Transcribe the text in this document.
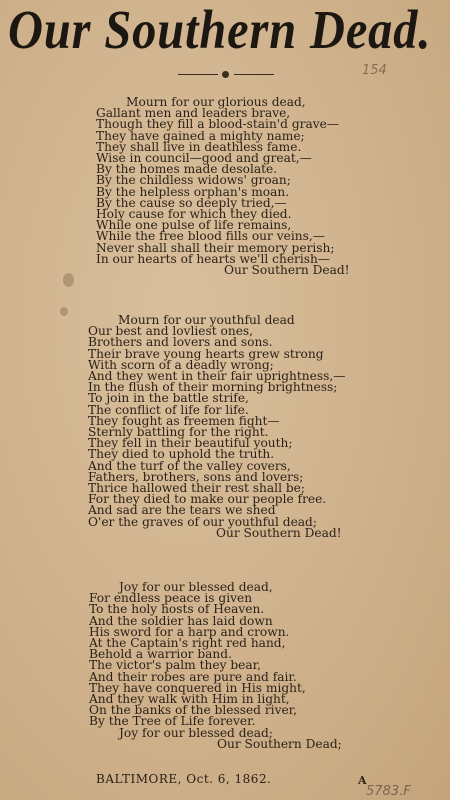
Our Southern Dead.
154
Mourn for our glorious dead,
Gallant men and leaders brave,
Though they fill a blood-stain'd grave—
They have gained a mighty name;
They shall live in deathless fame.
Wise in council—good and great,—
By the homes made desolate.
By the childless widows' groan;
By the helpless orphan's moan.
By the cause so deeply tried,—
Holy cause for which they died.
While one pulse of life remains,
While the free blood fills our veins,—
Never shall shall their memory perish;
In our hearts of hearts we'll cherish—
Our Southern Dead!
Mourn for our youthful dead
Our best and lovliest ones,
Brothers and lovers and sons.
Their brave young hearts grew strong
With scorn of a deadly wrong;
And they went in their fair uprightness,—
In the flush of their morning brightness;
To join in the battle strife,
The conflict of life for life.
They fought as freemen fight—
Sternly battling for the right.
They fell in their beautiful youth;
They died to uphold the truth.
And the turf of the valley covers,
Fathers, brothers, sons and lovers;
Thrice hallowed their rest shall be;
For they died to make our people free.
And sad are the tears we shed
O'er the graves of our youthful dead;
Our Southern Dead!
Joy for our blessed dead,
For endless peace is given
To the holy hosts of Heaven.
And the soldier has laid down
His sword for a harp and crown.
At the Captain's right red hand,
Behold a warrior band.
The victor's palm they bear,
And their robes are pure and fair.
They have conquered in His might,
And they walk with Him in light,
On the banks of the blessed river,
By the Tree of Life forever.
Joy for our blessed dead;
Our Southern Dead;
BALTIMORE, Oct. 6, 1862.	A
5783.F
